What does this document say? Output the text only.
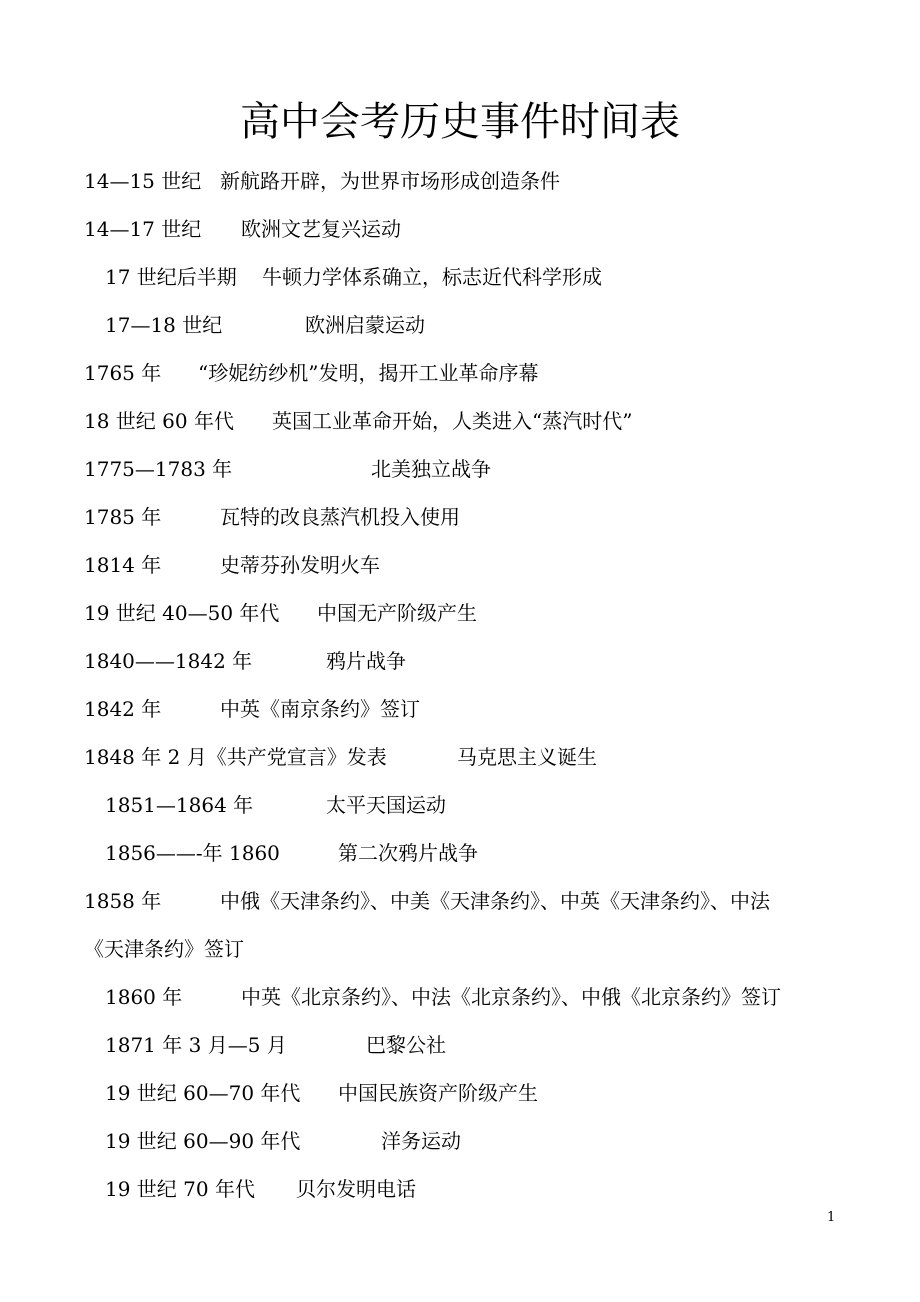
高中会考历史事件时间表
14—15 世纪 新航路开辟，为世界市场形成创造条件
14—17 世纪 欧洲文艺复兴运动
17 世纪后半期 牛顿力学体系确立，标志近代科学形成
17—18 世纪	欧洲启蒙运动
1765 年 “珍妮纺纱机”发明，揭开工业革命序幕
18 世纪 60 年代 英国工业革命开始，人类进入“蒸汽时代”
1775—1783 年	北美独立战争
1785 年	瓦特的改良蒸汽机投入使用
1814 年	史蒂芬孙发明火车
19 世纪 40—50 年代 中国无产阶级产生
1840——1842 年	鸦片战争
1842 年	中英《南京条约》签订
1848 年 2 月《共产党宣言》发表	马克思主义诞生
1851—1864 年	太平天国运动
1856——-年 1860	第二次鸦片战争
1858 年	中俄《天津条约》、中美《天津条约》、中英《天津条约》、中法
《天津条约》签订
1860 年	中英《北京条约》、中法《北京条约》、中俄《北京条约》签订
1871 年 3 月—5 月	巴黎公社
19 世纪 60—70 年代 中国民族资产阶级产生
19 世纪 60—90 年代	洋务运动
19 世纪 70 年代 贝尔发明电话
1
